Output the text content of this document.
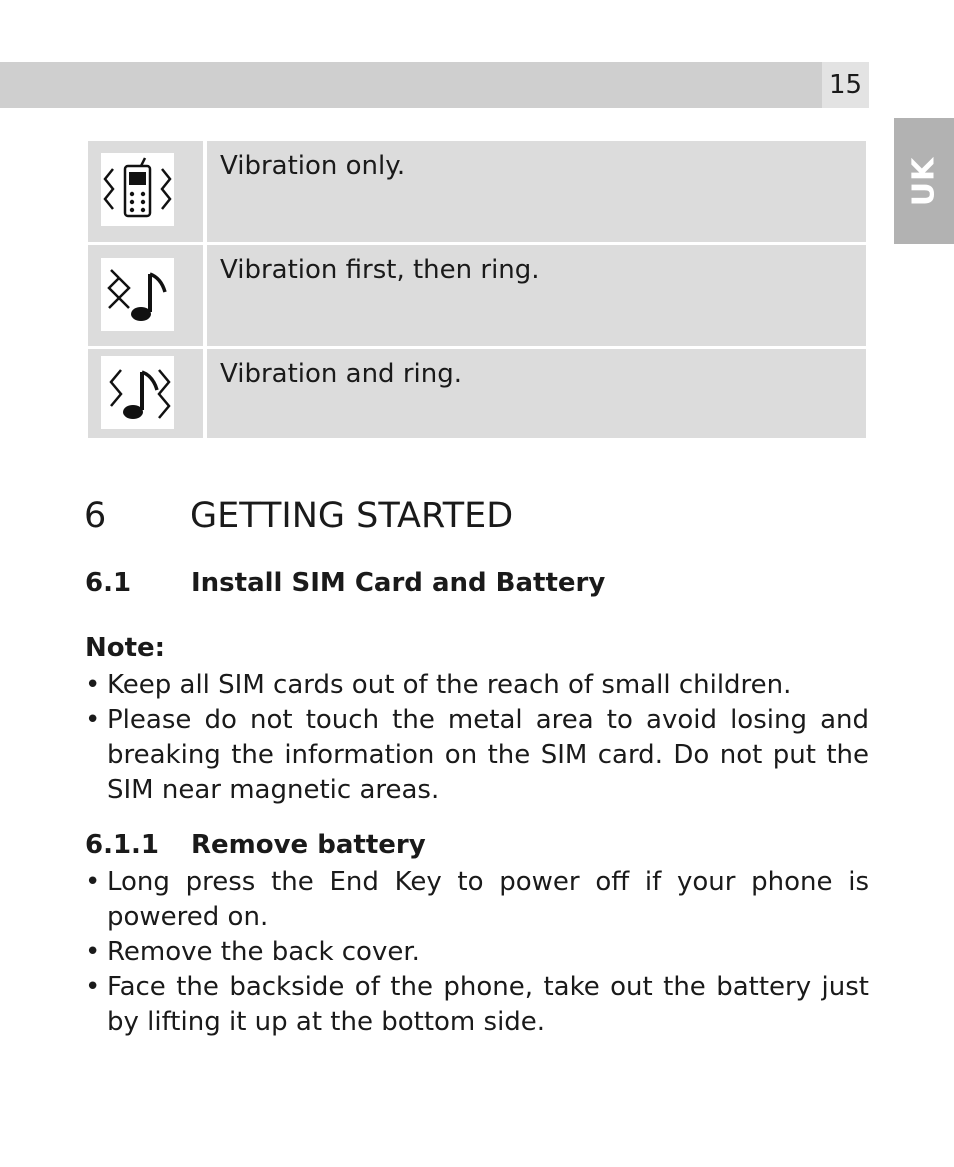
15
UK
Vibration only.
Vibration first, then ring.
Vibration and ring.
6	GETTING STARTED
6.1	Install SIM Card and Battery
Note:
• Keep all SIM cards out of the reach of small children.
• Please do not touch the metal area to avoid losing and breaking the information on the SIM card. Do not put the SIM near magnetic areas.
6.1.1	Remove battery
• Long press the End Key to power off if your phone is powered on.
• Remove the back cover.
• Face the backside of the phone, take out the battery just by lifting it up at the bottom side.
